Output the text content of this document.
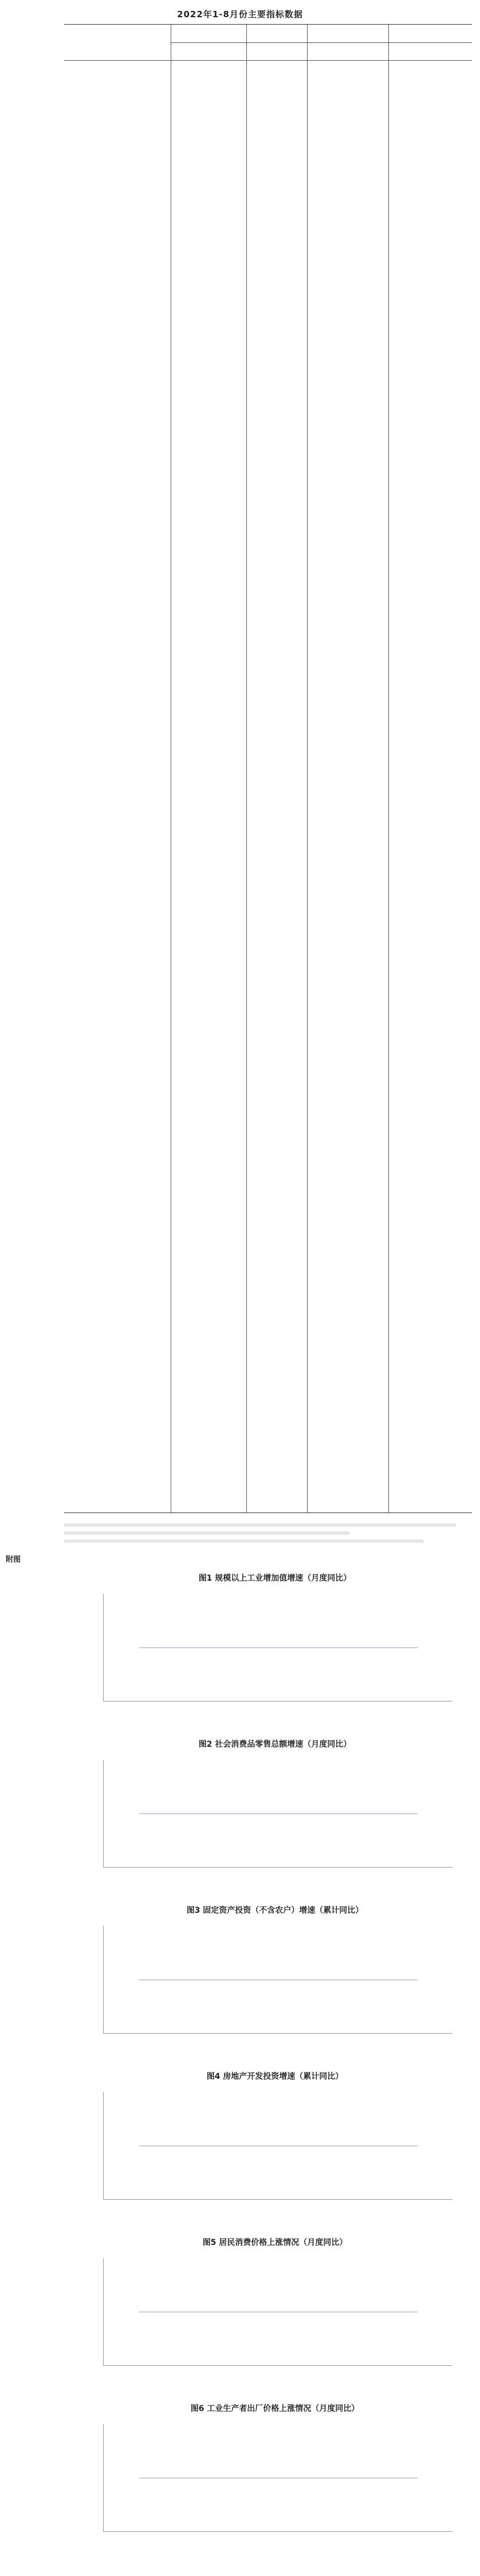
2022年1-8月份主要指标数据
附图
图1 规模以上工业增加值增速（月度同比）
图2 社会消费品零售总额增速（月度同比）
图3 固定资产投资（不含农户）增速（累计同比）
图4 房地产开发投资增速（累计同比）
图5 居民消费价格上涨情况（月度同比）
图6 工业生产者出厂价格上涨情况（月度同比）
